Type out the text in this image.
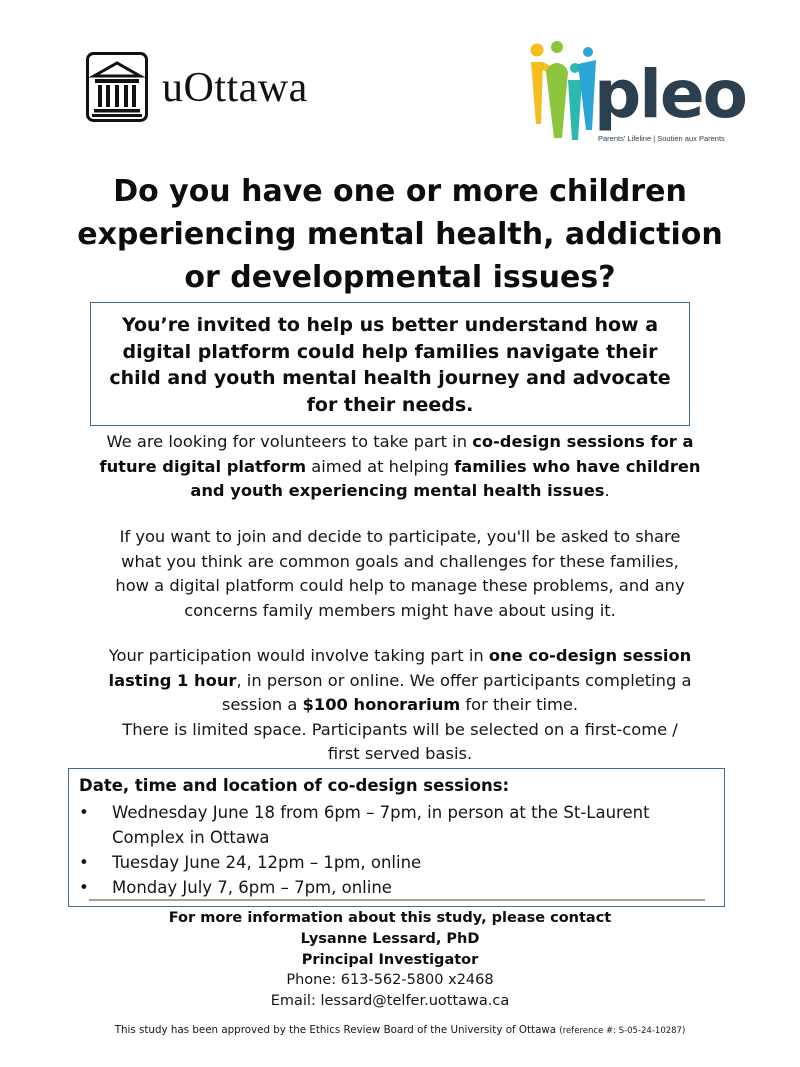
uOttawa	pleo
Parents' Lifeline | Soutien aux Parents
Do you have one or more children
experiencing mental health, addiction
or developmental issues?
You’re invited to help us better understand how a
digital platform could help families navigate their
child and youth mental health journey and advocate
for their needs.
We are looking for volunteers to take part in co-design sessions for a
future digital platform aimed at helping families who have children
and youth experiencing mental health issues.
If you want to join and decide to participate, you'll be asked to share
what you think are common goals and challenges for these families,
how a digital platform could help to manage these problems, and any
concerns family members might have about using it.
Your participation would involve taking part in one co-design session
lasting 1 hour, in person or online. We offer participants completing a
session a $100 honorarium for their time.
There is limited space. Participants will be selected on a first-come /
first served basis.
Date, time and location of co-design sessions:
• Wednesday June 18 from 6pm – 7pm, in person at the St-Laurent
Complex in Ottawa
• Tuesday June 24, 12pm – 1pm, online
• Monday July 7, 6pm – 7pm, online
For more information about this study, please contact
Lysanne Lessard, PhD
Principal Investigator
Phone: 613-562-5800 x2468
Email: lessard@telfer.uottawa.ca
This study has been approved by the Ethics Review Board of the University of Ottawa (reference #: S-05-24-10287)
